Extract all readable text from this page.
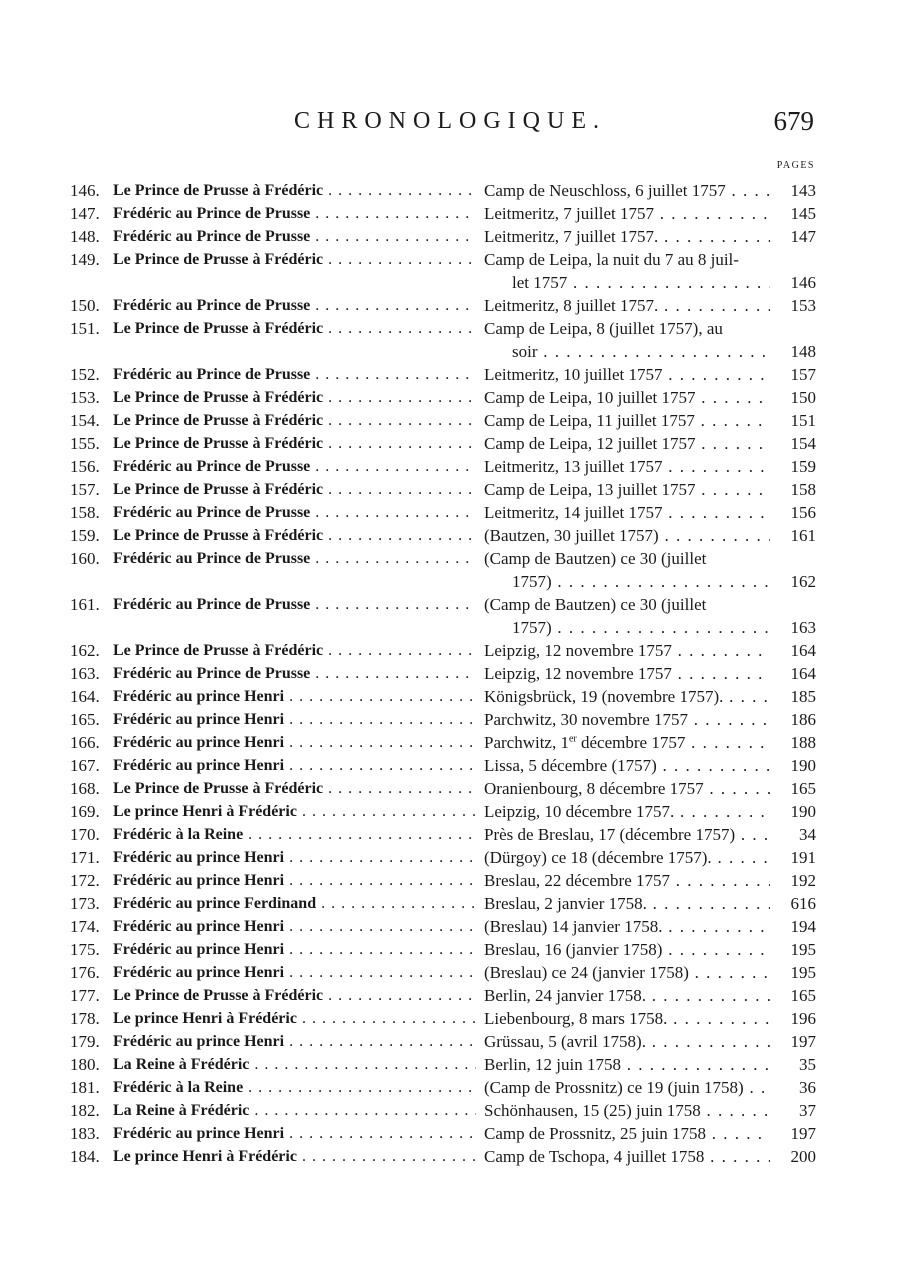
CHRONOLOGIQUE.	679
PAGES
146. Le Prince de Prusse à Frédéric . . .	Camp de Neuschloss, 6 juillet 1757 . . .	143
147. Frédéric au Prince de Prusse . . .	Leitmeritz, 7 juillet 1757 . . .	145
148. Frédéric au Prince de Prusse . . .	Leitmeritz, 7 juillet 1757. . . .	147
149. Le Prince de Prusse à Frédéric . . .	Camp de Leipa, la nuit du 7 au 8 juil-
let 1757 . . .	146
150. Frédéric au Prince de Prusse . . .	Leitmeritz, 8 juillet 1757. . . .	153
151. Le Prince de Prusse à Frédéric . . .	Camp de Leipa, 8 (juillet 1757), au
soir . . .	148
152. Frédéric au Prince de Prusse . . .	Leitmeritz, 10 juillet 1757 . . .	157
153. Le Prince de Prusse à Frédéric . . .	Camp de Leipa, 10 juillet 1757 . . .	150
154. Le Prince de Prusse à Frédéric . . .	Camp de Leipa, 11 juillet 1757 . . .	151
155. Le Prince de Prusse à Frédéric . . .	Camp de Leipa, 12 juillet 1757 . . .	154
156. Frédéric au Prince de Prusse . . .	Leitmeritz, 13 juillet 1757 . . .	159
157. Le Prince de Prusse à Frédéric . . .	Camp de Leipa, 13 juillet 1757 . . .	158
158. Frédéric au Prince de Prusse . . .	Leitmeritz, 14 juillet 1757 . . .	156
159. Le Prince de Prusse à Frédéric . . .	(Bautzen, 30 juillet 1757) . . .	161
160. Frédéric au Prince de Prusse . . .	(Camp de Bautzen) ce 30 (juillet
1757) . . .	162
161. Frédéric au Prince de Prusse . . .	(Camp de Bautzen) ce 30 (juillet
1757) . . .	163
162. Le Prince de Prusse à Frédéric . . .	Leipzig, 12 novembre 1757 . . .	164
163. Frédéric au Prince de Prusse . . .	Leipzig, 12 novembre 1757 . . .	164
164. Frédéric au prince Henri . . .	Königsbrück, 19 (novembre 1757). . . .	185
165. Frédéric au prince Henri . . .	Parchwitz, 30 novembre 1757 . . .	186
166. Frédéric au prince Henri . . .	Parchwitz, 1er décembre 1757 . . .	188
167. Frédéric au prince Henri . . .	Lissa, 5 décembre (1757) . . .	190
168. Le Prince de Prusse à Frédéric . . .	Oranienbourg, 8 décembre 1757 . . .	165
169. Le prince Henri à Frédéric . . .	Leipzig, 10 décembre 1757. . . .	190
170. Frédéric à la Reine . . .	Près de Breslau, 17 (décembre 1757) . . .	34
171. Frédéric au prince Henri . . .	(Dürgoy) ce 18 (décembre 1757). . . .	191
172. Frédéric au prince Henri . . .	Breslau, 22 décembre 1757 . . .	192
173. Frédéric au prince Ferdinand . . .	Breslau, 2 janvier 1758. . . .	616
174. Frédéric au prince Henri . . .	(Breslau) 14 janvier 1758. . . .	194
175. Frédéric au prince Henri . . .	Breslau, 16 (janvier 1758) . . .	195
176. Frédéric au prince Henri . . .	(Breslau) ce 24 (janvier 1758) . . .	195
177. Le Prince de Prusse à Frédéric . . .	Berlin, 24 janvier 1758. . . .	165
178. Le prince Henri à Frédéric . . .	Liebenbourg, 8 mars 1758. . . .	196
179. Frédéric au prince Henri . . .	Grüssau, 5 (avril 1758). . . .	197
180. La Reine à Frédéric . . .	Berlin, 12 juin 1758 . . .	35
181. Frédéric à la Reine . . .	(Camp de Prossnitz) ce 19 (juin 1758) . . .	36
182. La Reine à Frédéric . . .	Schönhausen, 15 (25) juin 1758 . . .	37
183. Frédéric au prince Henri . . .	Camp de Prossnitz, 25 juin 1758 . . .	197
184. Le prince Henri à Frédéric . . .	Camp de Tschopa, 4 juillet 1758 . . .	200
